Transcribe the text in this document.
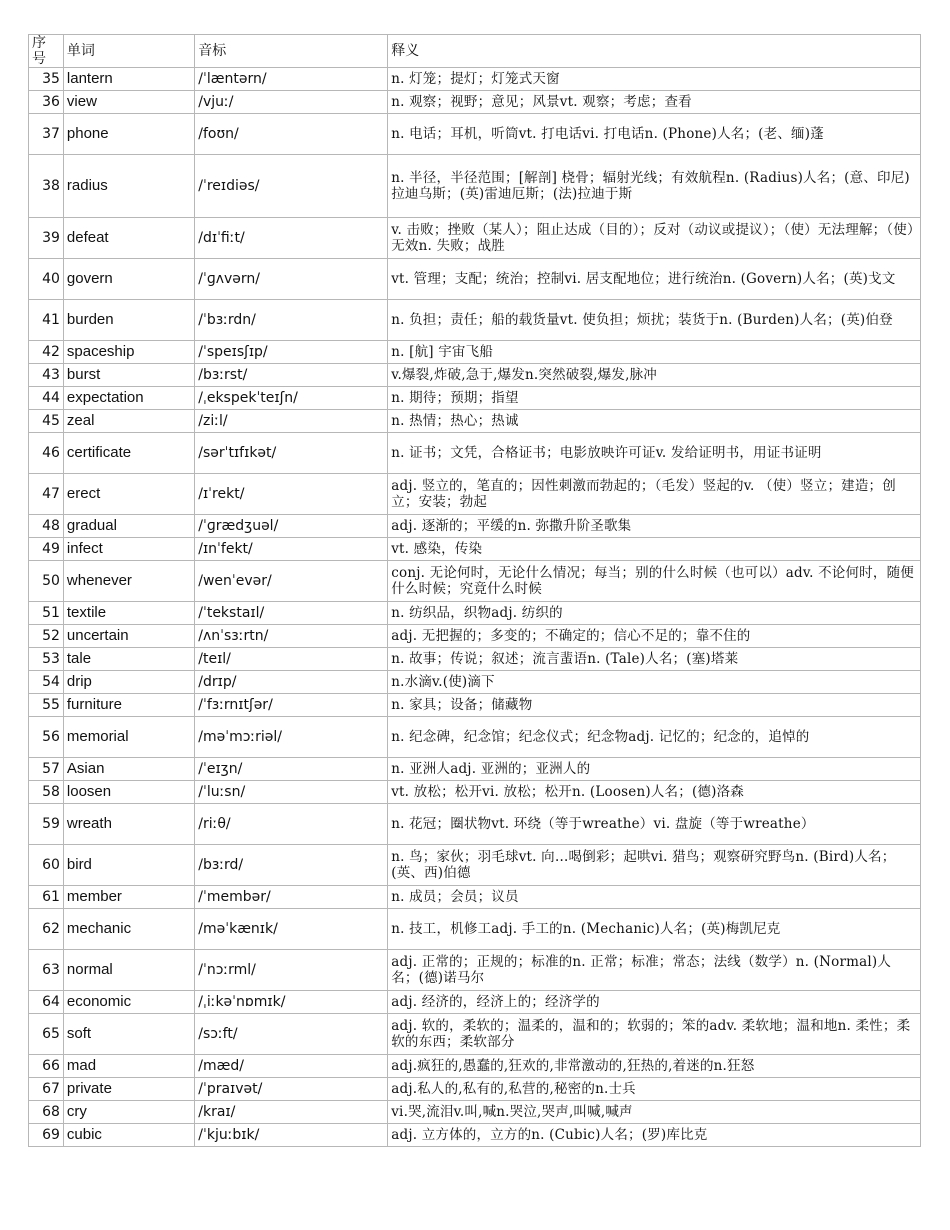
序号	单词	音标	释义
35	lantern	/ˈlæntərn/	n. 灯笼；提灯；灯笼式天窗
36	view	/vjuː/	n. 观察；视野；意见；风景vt. 观察；考虑；查看
37	phone	/foʊn/	n. 电话；耳机，听筒vt. 打电话vi. 打电话n. (Phone)人名；(老、缅)蓬
38	radius	/ˈreɪdiəs/	n. 半径，半径范围；[解剖] 桡骨；辐射光线；有效航程n. (Radius)人名；(意、印尼)拉迪乌斯；(英)雷迪厄斯；(法)拉迪于斯
39	defeat	/dɪˈfiːt/	v. 击败；挫败（某人）；阻止达成（目的）；反对（动议或提议）；（使）无法理解；（使）无效n. 失败；战胜
40	govern	/ˈɡʌvərn/	vt. 管理；支配；统治；控制vi. 居支配地位；进行统治n. (Govern)人名；(英)戈文
41	burden	/ˈbɜːrdn/	n. 负担；责任；船的载货量vt. 使负担；烦扰；装货于n. (Burden)人名；(英)伯登
42	spaceship	/ˈspeɪsʃɪp/	n. [航] 宇宙飞船
43	burst	/bɜːrst/	v.爆裂,炸破,急于,爆发n.突然破裂,爆发,脉冲
44	expectation	/ˌekspekˈteɪʃn/	n. 期待；预期；指望
45	zeal	/ziːl/	n. 热情；热心；热诚
46	certificate	/sərˈtɪfɪkət/	n. 证书；文凭，合格证书；电影放映许可证v. 发给证明书，用证书证明
47	erect	/ɪˈrekt/	adj. 竖立的，笔直的；因性刺激而勃起的；（毛发）竖起的v. （使）竖立；建造；创立；安装；勃起
48	gradual	/ˈɡrædʒuəl/	adj. 逐渐的；平缓的n. 弥撒升阶圣歌集
49	infect	/ɪnˈfekt/	vt. 感染，传染
50	whenever	/wenˈevər/	conj. 无论何时，无论什么情况；每当；别的什么时候（也可以）adv. 不论何时，随便什么时候；究竟什么时候
51	textile	/ˈtekstaɪl/	n. 纺织品，织物adj. 纺织的
52	uncertain	/ʌnˈsɜːrtn/	adj. 无把握的；多变的；不确定的；信心不足的；靠不住的
53	tale	/teɪl/	n. 故事；传说；叙述；流言蜚语n. (Tale)人名；(塞)塔莱
54	drip	/drɪp/	n.水滴v.(使)滴下
55	furniture	/ˈfɜːrnɪtʃər/	n. 家具；设备；储藏物
56	memorial	/məˈmɔːriəl/	n. 纪念碑，纪念馆；纪念仪式；纪念物adj. 记忆的；纪念的，追悼的
57	Asian	/ˈeɪʒn/	n. 亚洲人adj. 亚洲的；亚洲人的
58	loosen	/ˈluːsn/	vt. 放松；松开vi. 放松；松开n. (Loosen)人名；(德)洛森
59	wreath	/riːθ/	n. 花冠；圈状物vt. 环绕（等于wreathe）vi. 盘旋（等于wreathe）
60	bird	/bɜːrd/	n. 鸟；家伙；羽毛球vt. 向…喝倒彩；起哄vi. 猎鸟；观察研究野鸟n. (Bird)人名；(英、西)伯德
61	member	/ˈmembər/	n. 成员；会员；议员
62	mechanic	/məˈkænɪk/	n. 技工，机修工adj. 手工的n. (Mechanic)人名；(英)梅凯尼克
63	normal	/ˈnɔːrml/	adj. 正常的；正规的；标准的n. 正常；标准；常态；法线（数学）n. (Normal)人名；(德)诺马尔
64	economic	/ˌiːkəˈnɒmɪk/	adj. 经济的，经济上的；经济学的
65	soft	/sɔːft/	adj. 软的，柔软的；温柔的，温和的；软弱的；笨的adv. 柔软地；温和地n. 柔性；柔软的东西；柔软部分
66	mad	/mæd/	adj.疯狂的,愚蠢的,狂欢的,非常激动的,狂热的,着迷的n.狂怒
67	private	/ˈpraɪvət/	adj.私人的,私有的,私营的,秘密的n.士兵
68	cry	/kraɪ/	vi.哭,流泪v.叫,喊n.哭泣,哭声,叫喊,喊声
69	cubic	/ˈkjuːbɪk/	adj. 立方体的，立方的n. (Cubic)人名；(罗)库比克
